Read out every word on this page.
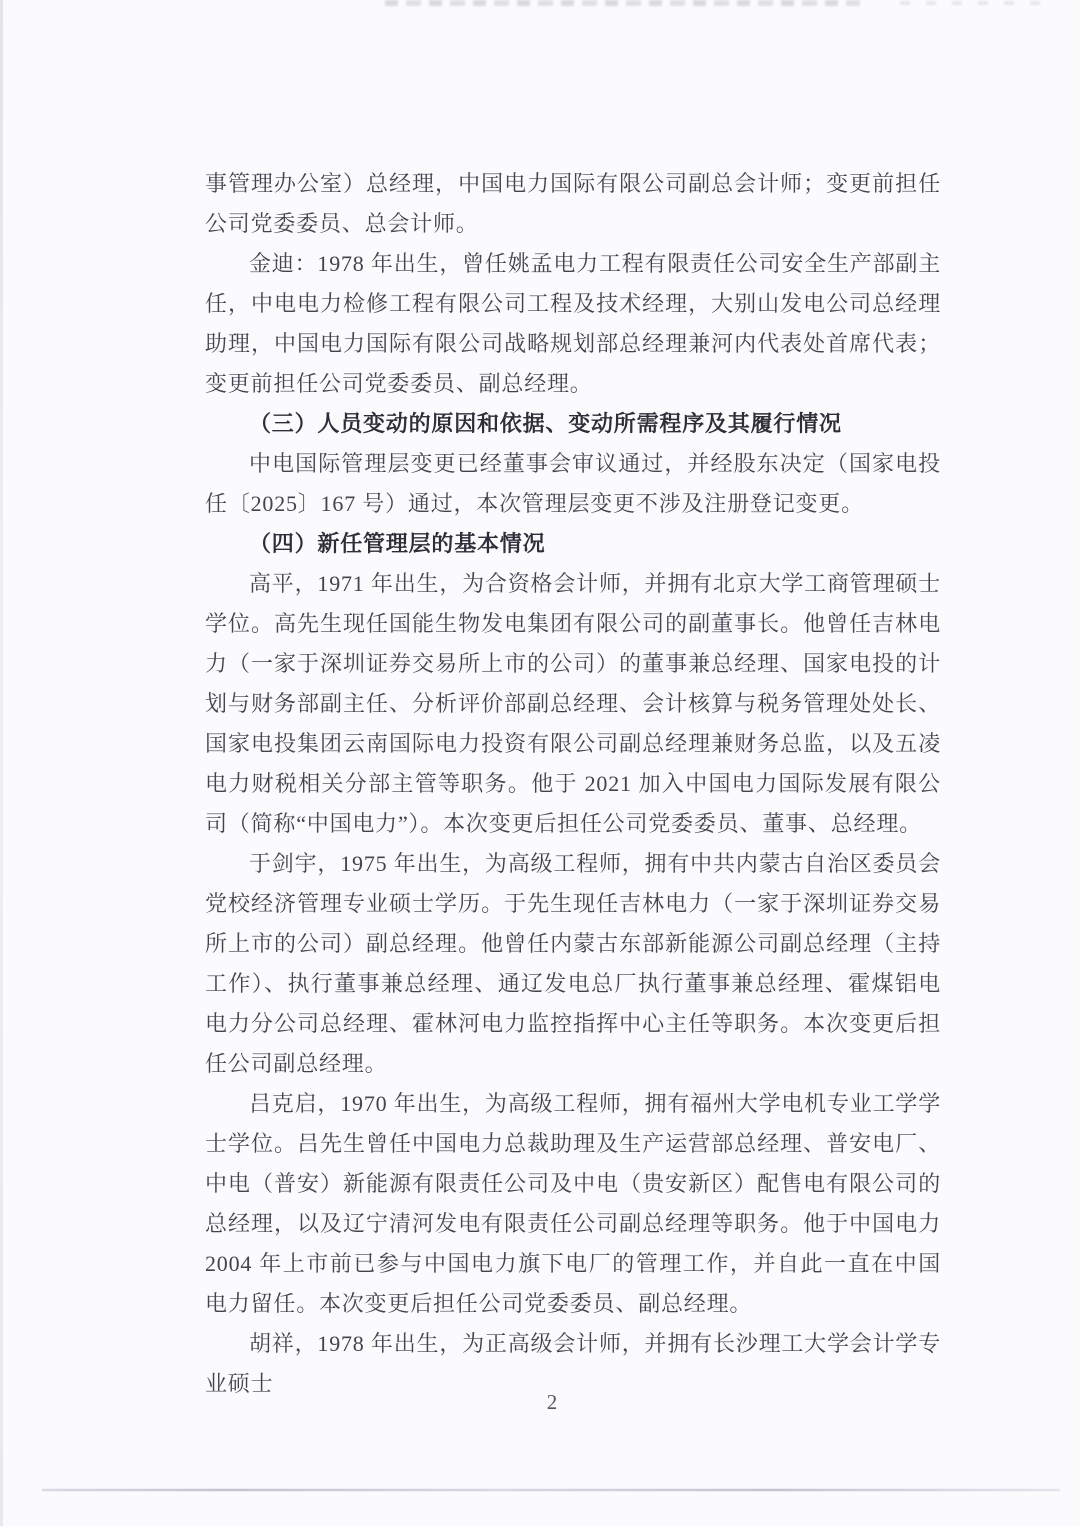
事管理办公室）总经理，中国电力国际有限公司副总会计师；变更前担任公司党委委员、总会计师。

金迪：1978 年出生，曾任姚孟电力工程有限责任公司安全生产部副主任，中电电力检修工程有限公司工程及技术经理，大别山发电公司总经理助理，中国电力国际有限公司战略规划部总经理兼河内代表处首席代表；变更前担任公司党委委员、副总经理。

（三）人员变动的原因和依据、变动所需程序及其履行情况

中电国际管理层变更已经董事会审议通过，并经股东决定（国家电投任〔2025〕167 号）通过，本次管理层变更不涉及注册登记变更。

（四）新任管理层的基本情况

高平，1971 年出生，为合资格会计师，并拥有北京大学工商管理硕士学位。高先生现任国能生物发电集团有限公司的副董事长。他曾任吉林电力（一家于深圳证券交易所上市的公司）的董事兼总经理、国家电投的计划与财务部副主任、分析评价部副总经理、会计核算与税务管理处处长、国家电投集团云南国际电力投资有限公司副总经理兼财务总监，以及五凌电力财税相关分部主管等职务。他于 2021 加入中国电力国际发展有限公司（简称“中国电力”）。本次变更后担任公司党委委员、董事、总经理。

于剑宇，1975 年出生，为高级工程师，拥有中共内蒙古自治区委员会党校经济管理专业硕士学历。于先生现任吉林电力（一家于深圳证券交易所上市的公司）副总经理。他曾任内蒙古东部新能源公司副总经理（主持工作）、执行董事兼总经理、通辽发电总厂执行董事兼总经理、霍煤铝电电力分公司总经理、霍林河电力监控指挥中心主任等职务。本次变更后担任公司副总经理。

吕克启，1970 年出生，为高级工程师，拥有福州大学电机专业工学学士学位。吕先生曾任中国电力总裁助理及生产运营部总经理、普安电厂、中电（普安）新能源有限责任公司及中电（贵安新区）配售电有限公司的总经理，以及辽宁清河发电有限责任公司副总经理等职务。他于中国电力 2004 年上市前已参与中国电力旗下电厂的管理工作，并自此一直在中国电力留任。本次变更后担任公司党委委员、副总经理。

胡祥，1978 年出生，为正高级会计师，并拥有长沙理工大学会计学专业硕士

2
